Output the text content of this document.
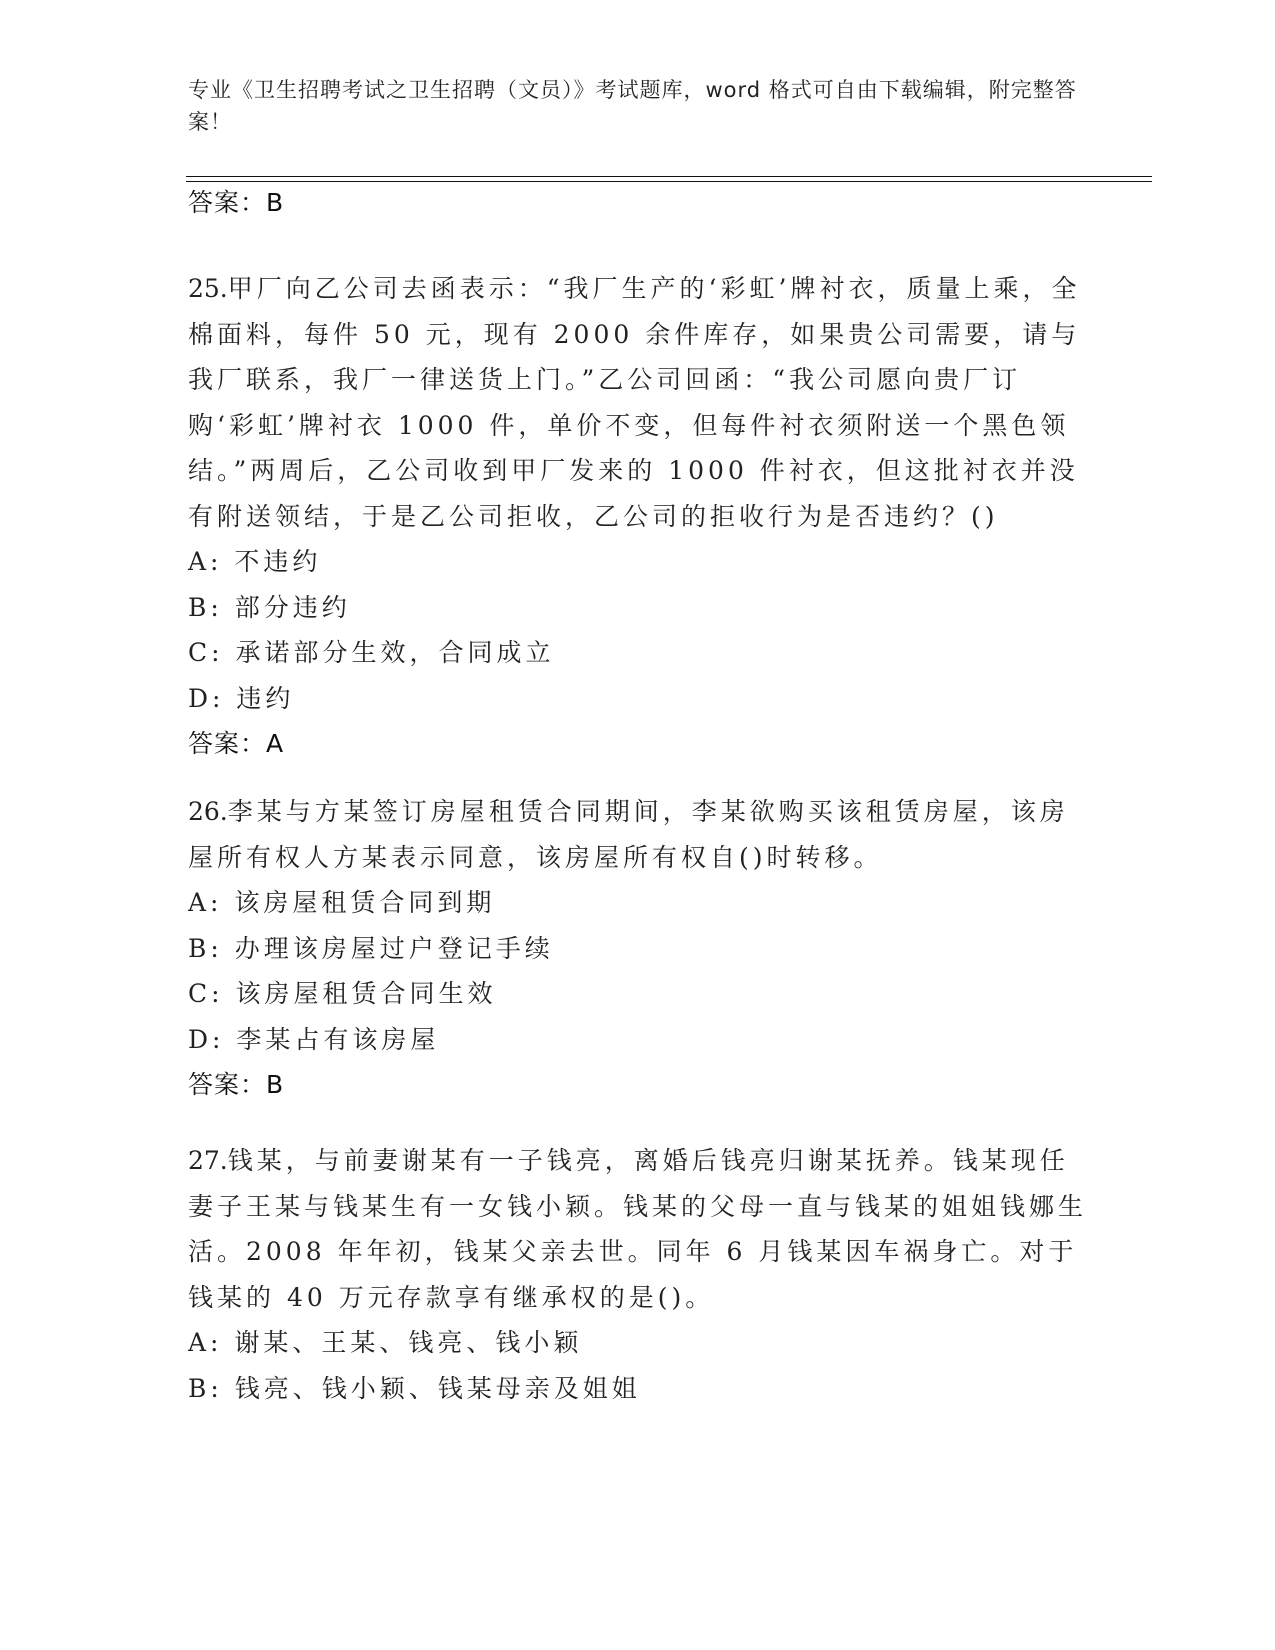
专业《卫生招聘考试之卫生招聘（文员）》考试题库，word 格式可自由下载编辑，附完整答案！
答案：B

25.甲厂向乙公司去函表示：“我厂生产的‘彩虹’牌衬衣，质量上乘，全棉面料，每件 50 元，现有 2000 余件库存，如果贵公司需要，请与我厂联系，我厂一律送货上门。”乙公司回函：“我公司愿向贵厂订购‘彩虹’牌衬衣 1000 件，单价不变，但每件衬衣须附送一个黑色领结。”两周后，乙公司收到甲厂发来的 1000 件衬衣，但这批衬衣并没有附送领结，于是乙公司拒收，乙公司的拒收行为是否违约？()

A: 不违约
B: 部分违约
C: 承诺部分生效，合同成立
D: 违约
答案：A

26.李某与方某签订房屋租赁合同期间，李某欲购买该租赁房屋，该房屋所有权人方某表示同意，该房屋所有权自()时转移。

A: 该房屋租赁合同到期
B: 办理该房屋过户登记手续
C: 该房屋租赁合同生效
D: 李某占有该房屋
答案：B

27.钱某，与前妻谢某有一子钱亮，离婚后钱亮归谢某抚养。钱某现任妻子王某与钱某生有一女钱小颖。钱某的父母一直与钱某的姐姐钱娜生活。2008 年年初，钱某父亲去世。同年 6 月钱某因车祸身亡。对于钱某的 40 万元存款享有继承权的是()。

A: 谢某、王某、钱亮、钱小颖
B: 钱亮、钱小颖、钱某母亲及姐姐
